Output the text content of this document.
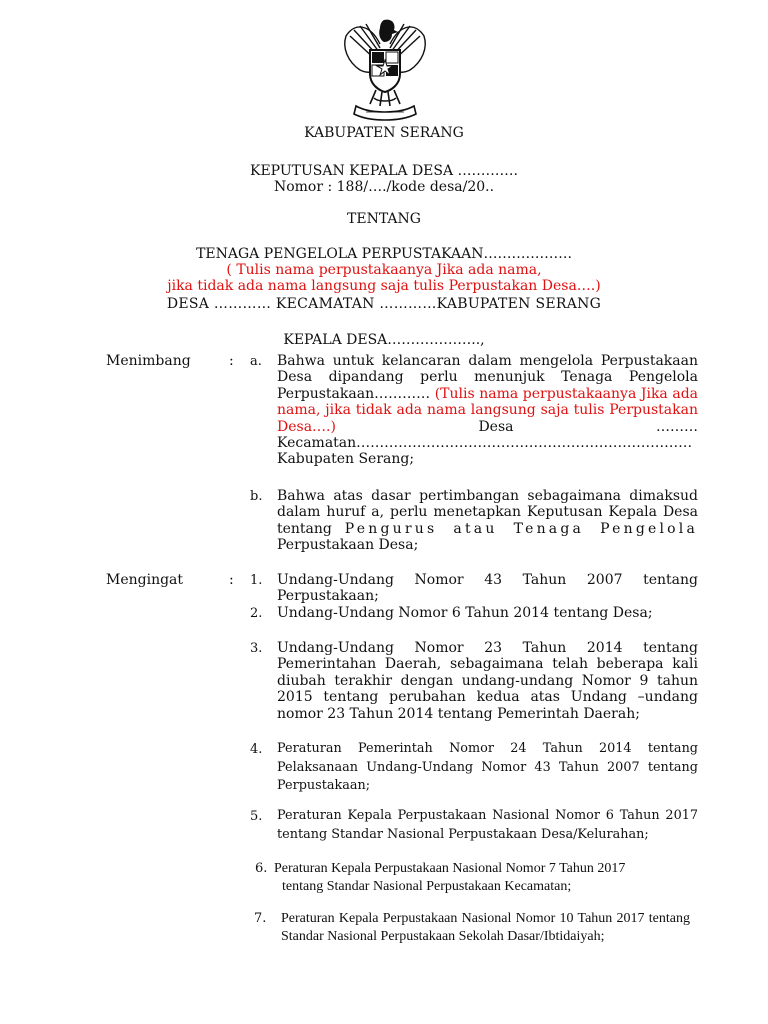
KABUPATEN SERANG
KEPUTUSAN KEPALA DESA ………….
Nomor : 188/…./kode desa/20..
TENTANG
TENAGA PENGELOLA PERPUSTAKAAN……………….
( Tulis nama perpustakaanya Jika ada nama,
jika tidak ada nama langsung saja tulis Perpustakan Desa….)
DESA ………… KECAMATAN …………KABUPATEN SERANG
KEPALA DESA………………..,
Menimbang	: a. Bahwa untuk kelancaran dalam mengelola Perpustakaan Desa dipandang perlu menunjuk Tenaga Pengelola Perpustakaan………… (Tulis nama perpustakaanya Jika ada nama, jika tidak ada nama langsung saja tulis Perpustakan Desa….)	Desa ……… Kecamatan………………………………………………………………Kabupaten Serang;
b. Bahwa atas dasar pertimbangan sebagaimana dimaksud dalam huruf a, perlu menetapkan Keputusan Kepala Desa tentang Pengurus atau Tenaga Pengelola Perpustakaan Desa;
Mengingat	: 1. Undang-Undang Nomor 43 Tahun 2007 tentang Perpustakaan;
2. Undang-Undang Nomor 6 Tahun 2014 tentang Desa;
3. Undang-Undang Nomor 23 Tahun 2014 tentang Pemerintahan Daerah, sebagaimana telah beberapa kali diubah terakhir dengan undang-undang Nomor 9 tahun 2015 tentang perubahan kedua atas Undang –undang nomor 23 Tahun 2014 tentang Pemerintah Daerah;
4. Peraturan Pemerintah Nomor 24 Tahun 2014 tentang Pelaksanaan Undang-Undang Nomor 43 Tahun 2007 tentang Perpustakaan;
5. Peraturan Kepala Perpustakaan Nasional Nomor 6 Tahun 2017 tentang Standar Nasional Perpustakaan Desa/Kelurahan;
6. Peraturan Kepala Perpustakaan Nasional Nomor 7 Tahun 2017
tentang Standar Nasional Perpustakaan Kecamatan;
7. Peraturan Kepala Perpustakaan Nasional Nomor 10 Tahun 2017 tentang Standar Nasional Perpustakaan Sekolah Dasar/Ibtidaiyah;
